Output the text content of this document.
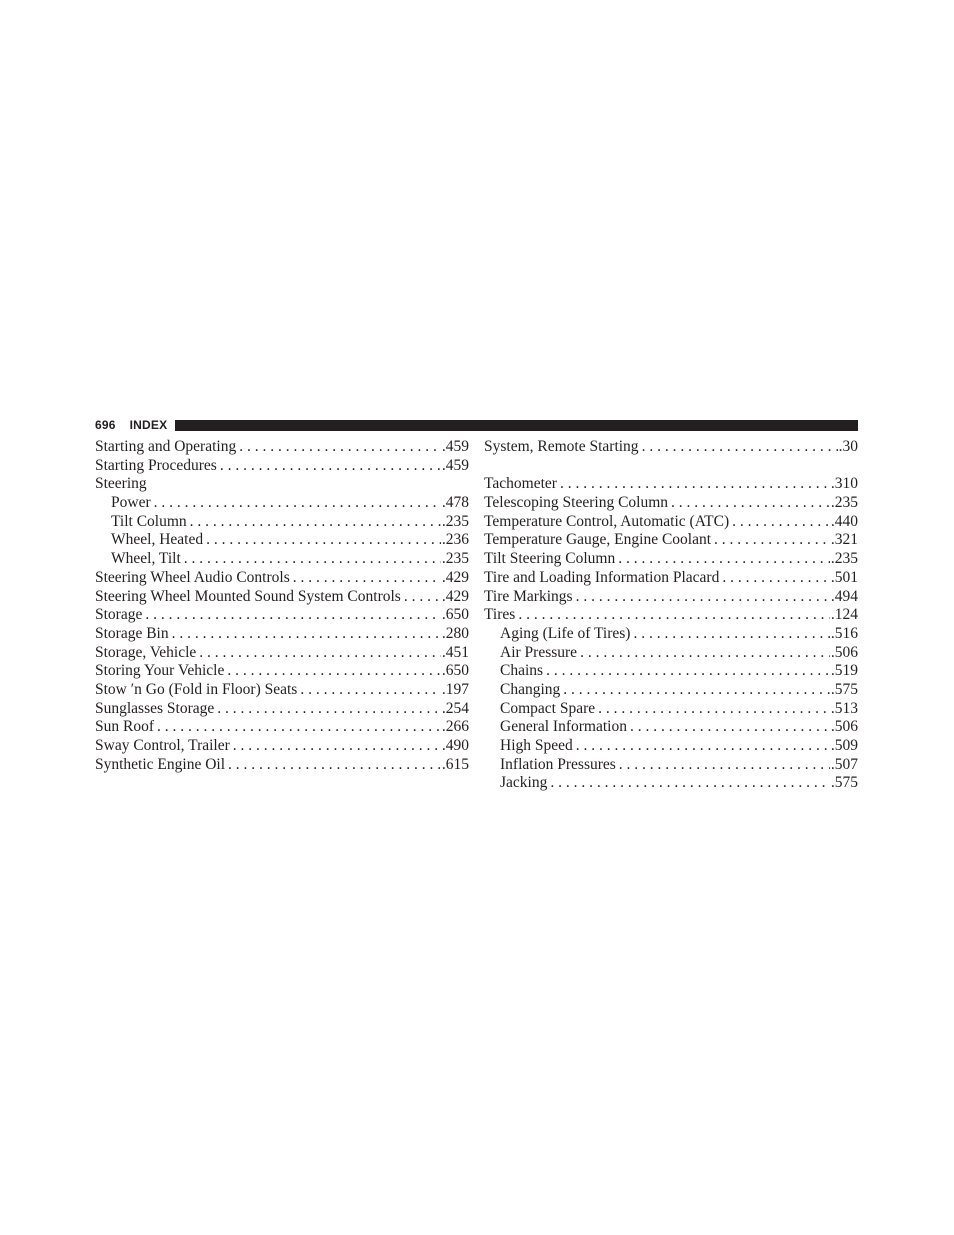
696 INDEX
Starting and Operating . . .	.459
Starting Procedures . . .	.459
Steering
Power . . .	.478
Tilt Column . . .	.235
Wheel, Heated . . .	.236
Wheel, Tilt . . .	.235
Steering Wheel Audio Controls . . .	.429
Steering Wheel Mounted Sound System Controls . . .	.429
Storage . . .	.650
Storage Bin . . .	.280
Storage, Vehicle . . .	.451
Storing Your Vehicle . . .	.650
Stow ′n Go (Fold in Floor) Seats . . .	.197
Sunglasses Storage . . .	.254
Sun Roof . . .	.266
Sway Control, Trailer . . .	.490
Synthetic Engine Oil . . .	.615
System, Remote Starting . . .	.30
Tachometer . . .	.310
Telescoping Steering Column . . .	.235
Temperature Control, Automatic (ATC) . . .	.440
Temperature Gauge, Engine Coolant . . .	.321
Tilt Steering Column . . .	.235
Tire and Loading Information Placard . . .	.501
Tire Markings . . .	.494
Tires . . .	.124
Aging (Life of Tires) . . .	.516
Air Pressure . . .	.506
Chains . . .	.519
Changing . . .	.575
Compact Spare . . .	.513
General Information . . .	.506
High Speed . . .	.509
Inflation Pressures . . .	.507
Jacking . . .	.575
